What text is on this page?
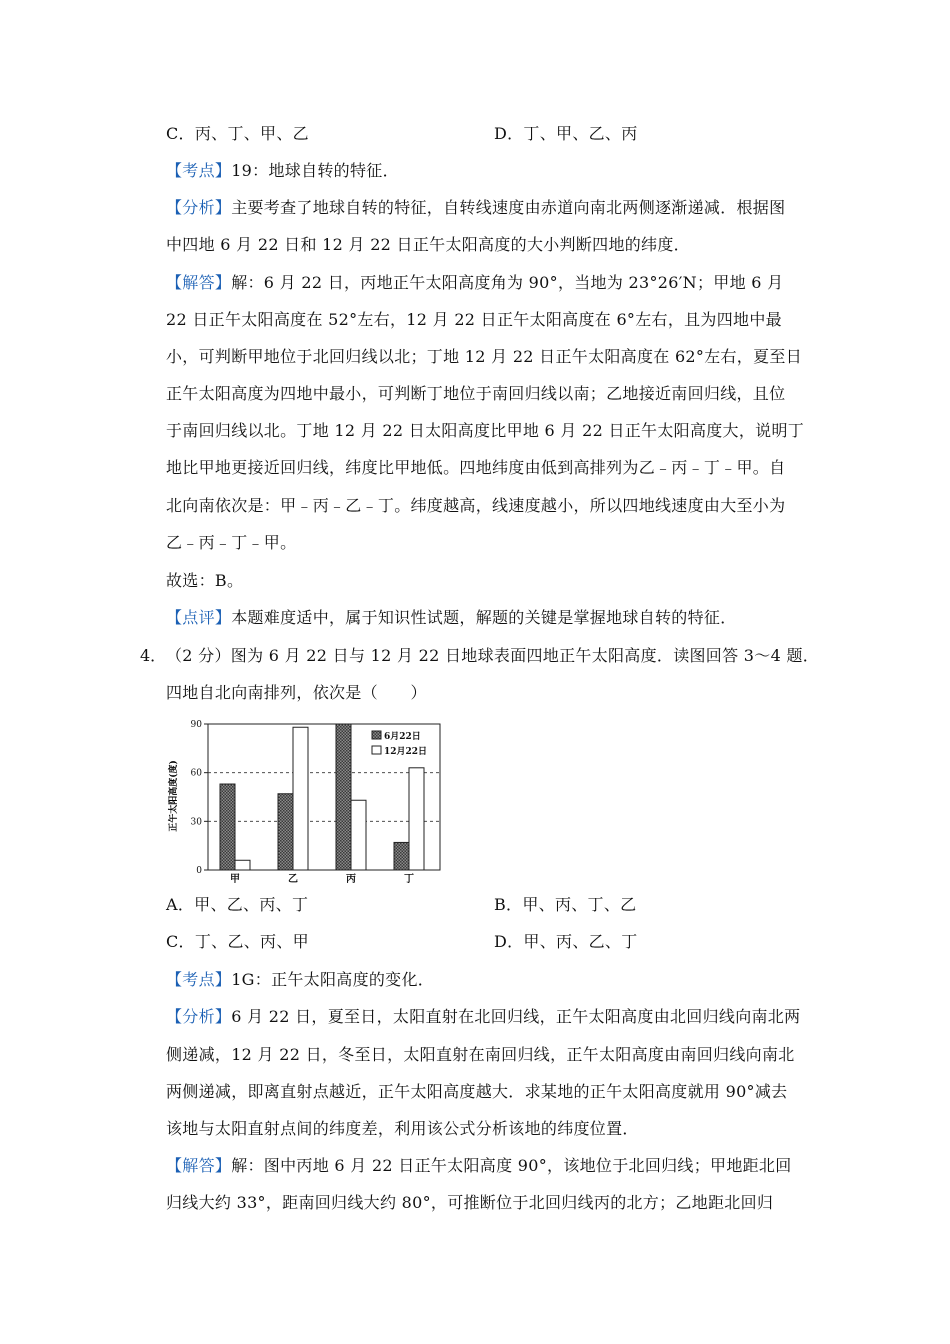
C．丙、丁、甲、乙	D．丁、甲、乙、丙
【考点】19：地球自转的特征．
【分析】主要考查了地球自转的特征，自转线速度由赤道向南北两侧逐渐递减．根据图
中四地 6 月 22 日和 12 月 22 日正午太阳高度的大小判断四地的纬度．
【解答】解：6 月 22 日，丙地正午太阳高度角为 90°，当地为 23°26′N；甲地 6 月
22 日正午太阳高度在 52°左右，12 月 22 日正午太阳高度在 6°左右，且为四地中最
小，可判断甲地位于北回归线以北；丁地 12 月 22 日正午太阳高度在 62°左右，夏至日
正午太阳高度为四地中最小，可判断丁地位于南回归线以南；乙地接近南回归线，且位
于南回归线以北。丁地 12 月 22 日太阳高度比甲地 6 月 22 日正午太阳高度大，说明丁
地比甲地更接近回归线，纬度比甲地低。四地纬度由低到高排列为乙﹣丙﹣丁﹣甲。自
北向南依次是：甲﹣丙﹣乙﹣丁。纬度越高，线速度越小，所以四地线速度由大至小为
乙﹣丙﹣丁﹣甲。
故选：B。
【点评】本题难度适中，属于知识性试题，解题的关键是掌握地球自转的特征．
4． （2 分）图为 6 月 22 日与 12 月 22 日地球表面四地正午太阳高度．读图回答 3～4 题．
四地自北向南排列，依次是（　　）
正午太阳高度(度)
0
30
60
90
甲	乙	丙	丁
6月22日
12月22日
A．甲、乙、丙、丁	B．甲、丙、丁、乙
C．丁、乙、丙、甲	D．甲、丙、乙、丁
【考点】1G：正午太阳高度的变化．
【分析】6 月 22 日，夏至日，太阳直射在北回归线，正午太阳高度由北回归线向南北两
侧递减，12 月 22 日，冬至日，太阳直射在南回归线，正午太阳高度由南回归线向南北
两侧递减，即离直射点越近，正午太阳高度越大．求某地的正午太阳高度就用 90°减去
该地与太阳直射点间的纬度差，利用该公式分析该地的纬度位置．
【解答】解：图中丙地 6 月 22 日正午太阳高度 90°，该地位于北回归线；甲地距北回
归线大约 33°，距南回归线大约 80°，可推断位于北回归线丙的北方；乙地距北回归
